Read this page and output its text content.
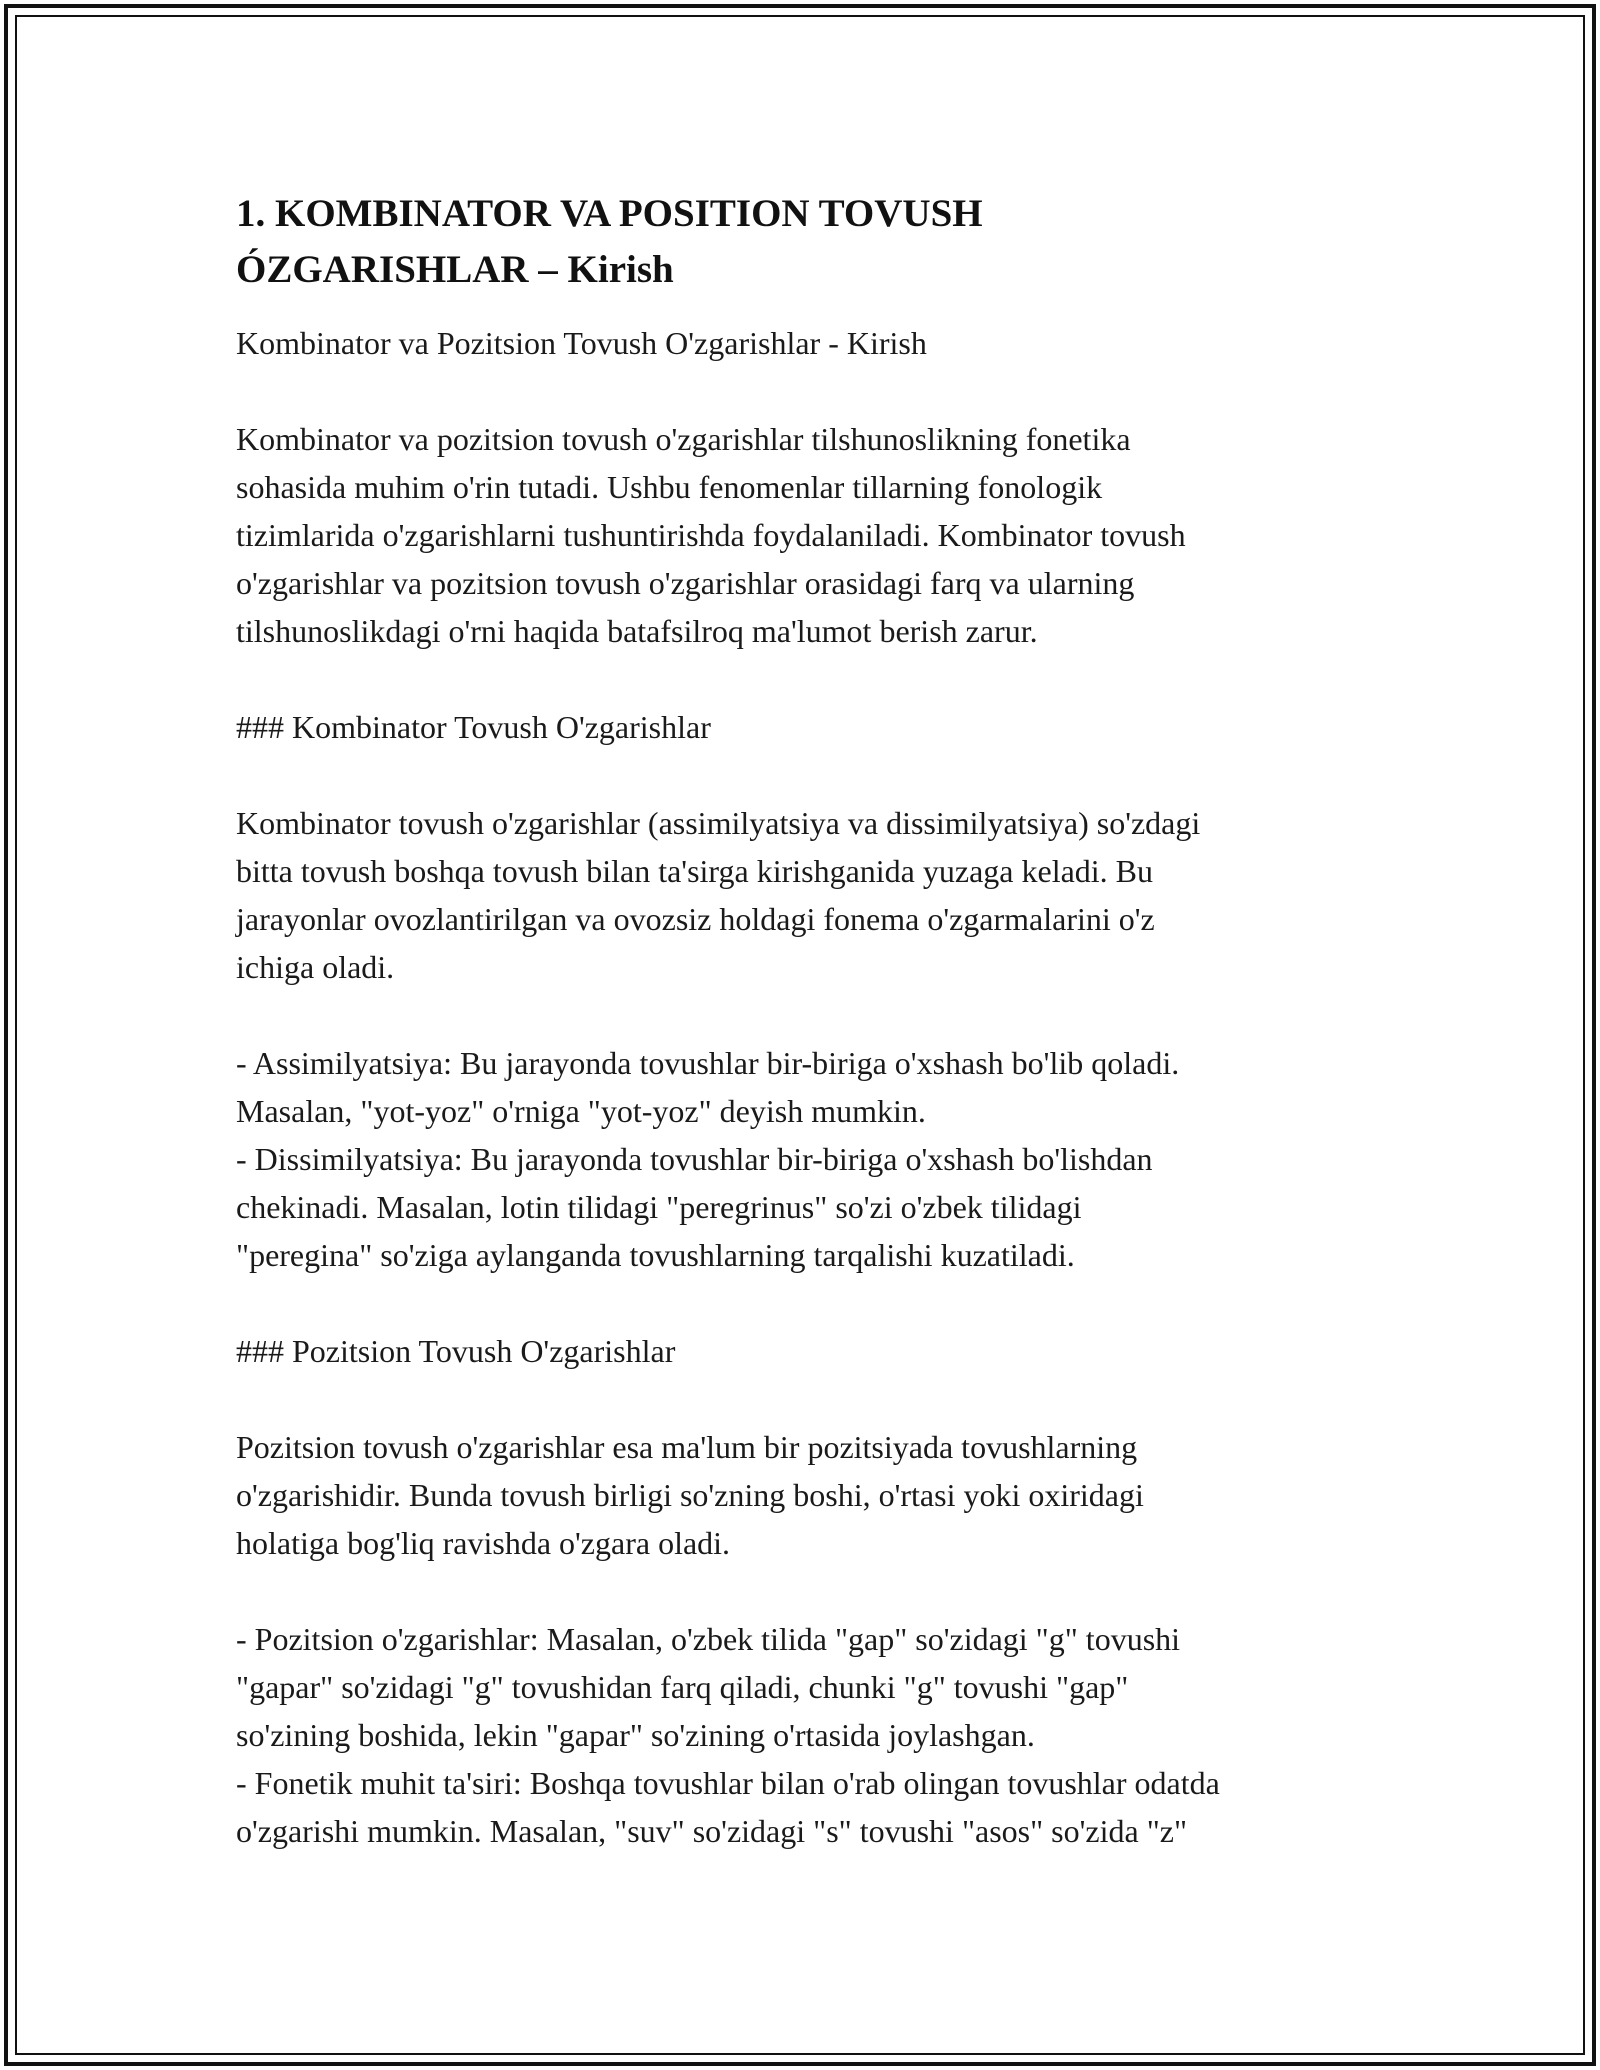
1. KOMBINATOR VA POSITION TOVUSH
ÓZGARISHLAR – Kirish

Kombinator va Pozitsion Tovush O'zgarishlar - Kirish

Kombinator va pozitsion tovush o'zgarishlar tilshunoslikning fonetika
sohasida muhim o'rin tutadi. Ushbu fenomenlar tillarning fonologik
tizimlarida o'zgarishlarni tushuntirishda foydalaniladi. Kombinator tovush
o'zgarishlar va pozitsion tovush o'zgarishlar orasidagi farq va ularning
tilshunoslikdagi o'rni haqida batafsilroq ma'lumot berish zarur.

### Kombinator Tovush O'zgarishlar

Kombinator tovush o'zgarishlar (assimilyatsiya va dissimilyatsiya) so'zdagi
bitta tovush boshqa tovush bilan ta'sirga kirishganida yuzaga keladi. Bu
jarayonlar ovozlantirilgan va ovozsiz holdagi fonema o'zgarmalarini o'z
ichiga oladi.

- Assimilyatsiya: Bu jarayonda tovushlar bir-biriga o'xshash bo'lib qoladi.
Masalan, "yot-yoz" o'rniga "yot-yoz" deyish mumkin.
- Dissimilyatsiya: Bu jarayonda tovushlar bir-biriga o'xshash bo'lishdan
chekinadi. Masalan, lotin tilidagi "peregrinus" so'zi o'zbek tilidagi
"peregina" so'ziga aylanganda tovushlarning tarqalishi kuzatiladi.

### Pozitsion Tovush O'zgarishlar

Pozitsion tovush o'zgarishlar esa ma'lum bir pozitsiyada tovushlarning
o'zgarishidir. Bunda tovush birligi so'zning boshi, o'rtasi yoki oxiridagi
holatiga bog'liq ravishda o'zgara oladi.

- Pozitsion o'zgarishlar: Masalan, o'zbek tilida "gap" so'zidagi "g" tovushi
"gapar" so'zidagi "g" tovushidan farq qiladi, chunki "g" tovushi "gap"
so'zining boshida, lekin "gapar" so'zining o'rtasida joylashgan.
- Fonetik muhit ta'siri: Boshqa tovushlar bilan o'rab olingan tovushlar odatda
o'zgarishi mumkin. Masalan, "suv" so'zidagi "s" tovushi "asos" so'zida "z"
